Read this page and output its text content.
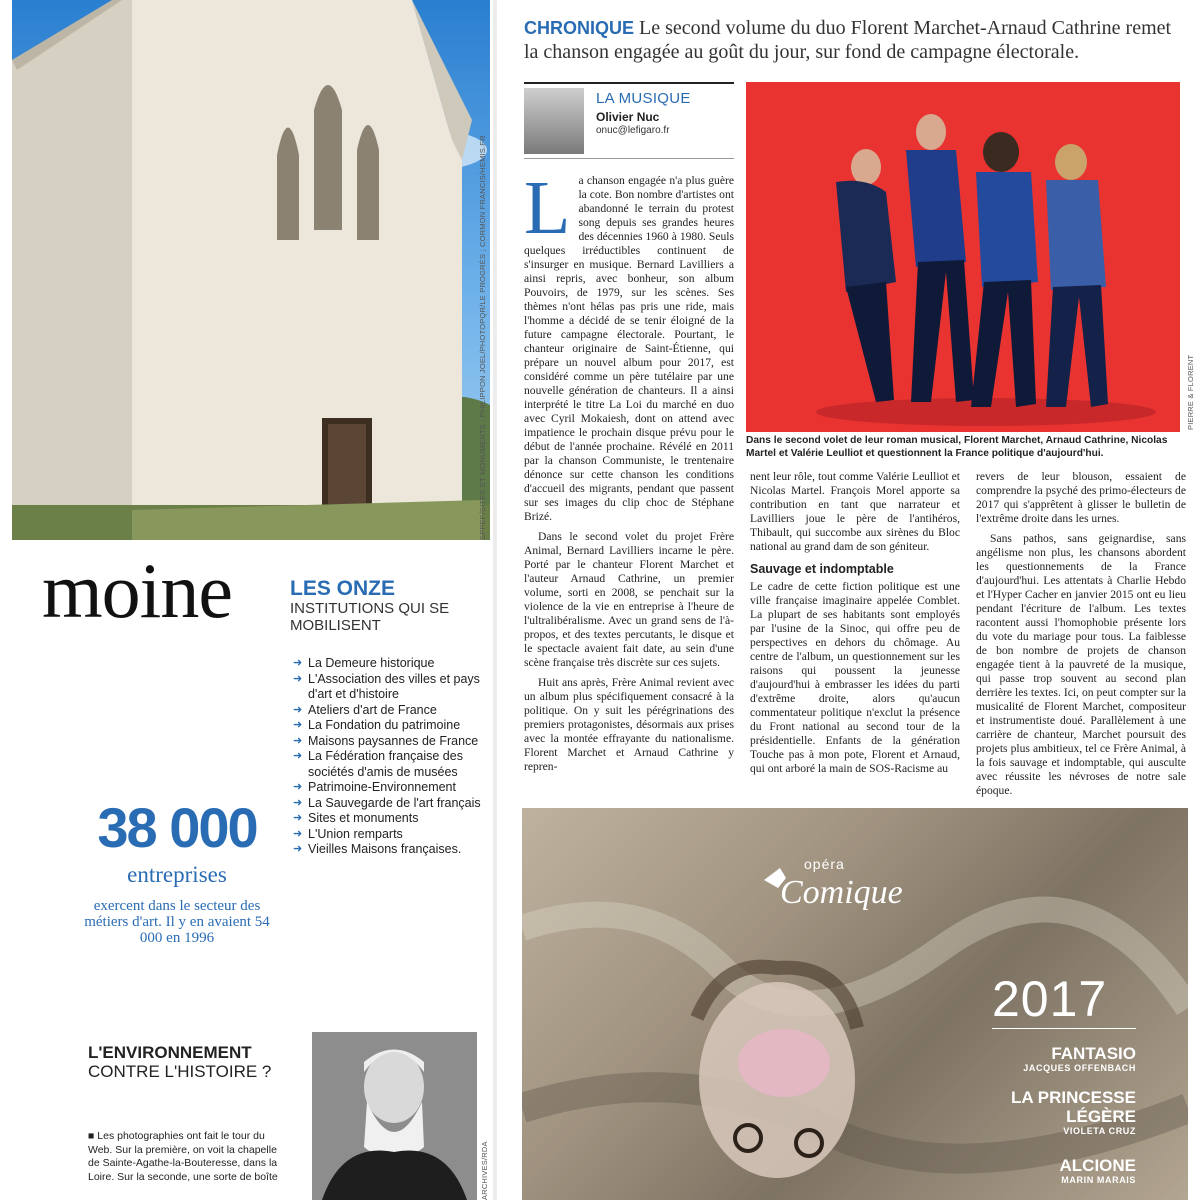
SPPEF/SITES ET MONUMENTS ; PHILIPPON JOEL/PHOTOPQR/LE PROGRÈS ; CORMON FRANCIS/HEMIS.FR
moine	LES ONZE
INSTITUTIONS QUI SE MOBILISENT
➜ La Demeure historique
➜ L'Association des villes et pays d'art et d'histoire
➜ Ateliers d'art de France
➜ La Fondation du patrimoine
➜ Maisons paysannes de France
➜ La Fédération française des sociétés d'amis de musées
➜ Patrimoine-Environnement
➜ La Sauvegarde de l'art français
➜ Sites et monuments
➜ L'Union remparts
➜ Vieilles Maisons françaises.
38 000
entreprises
exercent dans le secteur des métiers d'art. Il y en avaient 54 000 en 1996
L'ENVIRONNEMENT
CONTRE L'HISTOIRE ?
■ Les photographies ont fait le tour du Web. Sur la première, on voit la chapelle de Sainte-Agathe-la-Bouteresse, dans la Loire. Sur la seconde, une sorte de boîte	ARCHIVES/RDA
CHRONIQUE Le second volume du duo Florent Marchet-Arnaud Cathrine remet la chanson engagée au goût du jour, sur fond de campagne électorale.
LA MUSIQUE
Olivier Nuc
onuc@lefigaro.fr

La chanson engagée n'a plus guère la cote. Bon nombre d'artistes ont abandonné le terrain du protest song depuis ses grandes heures des décennies 1960 à 1980. Seuls quelques irréductibles continuent de s'insurger en musique. Bernard Lavilliers a ainsi repris, avec bonheur, son album Pouvoirs, de 1979, sur les scènes. Ses thèmes n'ont hélas pas pris une ride, mais l'homme a décidé de se tenir éloigné de la future campagne électorale. Pourtant, le chanteur originaire de Saint-Étienne, qui prépare un nouvel album pour 2017, est considéré comme un père tutélaire par une nouvelle génération de chanteurs. Il a ainsi interprété le titre La Loi du marché en duo avec Cyril Mokaiesh, dont on attend avec impatience le prochain disque prévu pour le début de l'année prochaine. Révélé en 2011 par la chanson Communiste, le trentenaire dénonce sur cette chanson les conditions d'accueil des migrants, pendant que passent sur ses images du clip choc de Stéphane Brizé.

Dans le second volet du projet Frère Animal, Bernard Lavilliers incarne le père. Porté par le chanteur Florent Marchet et l'auteur Arnaud Cathrine, un premier volume, sorti en 2008, se penchait sur la violence de la vie en entreprise à l'heure de l'ultralibéralisme. Avec un grand sens de l'à-propos, et des textes percutants, le disque et le spectacle avaient fait date, au sein d'une scène française très discrète sur ces sujets.

Huit ans après, Frère Animal revient avec un album plus spécifiquement consacré à la politique. On y suit les pérégrinations des premiers protagonistes, désormais aux prises avec la montée effrayante du nationalisme. Florent Marchet et Arnaud Cathrine y repren-

PIERRE & FLORENT
Dans le second volet de leur roman musical, Florent Marchet, Arnaud Cathrine, Nicolas Martel et Valérie Leulliot et questionnent la France politique d'aujourd'hui.

nent leur rôle, tout comme Valérie Leulliot et Nicolas Martel. François Morel apporte sa contribution en tant que narrateur et Lavilliers joue le père de l'antihéros, Thibault, qui succombe aux sirènes du Bloc national au grand dam de son géniteur.

Sauvage et indomptable

Le cadre de cette fiction politique est une ville française imaginaire appelée Comblet. La plupart de ses habitants sont employés par l'usine de la Sinoc, qui offre peu de perspectives en dehors du chômage. Au centre de l'album, un questionnement sur les raisons qui poussent la jeunesse d'aujourd'hui à embrasser les idées du parti d'extrême droite, alors qu'aucun commentateur politique n'exclut la présence du Front national au second tour de la présidentielle. Enfants de la génération Touche pas à mon pote, Florent et Arnaud, qui ont arboré la main de SOS-Racisme au

revers de leur blouson, essaient de comprendre la psyché des primo-électeurs de 2017 qui s'apprêtent à glisser le bulletin de l'extrême droite dans les urnes.

Sans pathos, sans geignardise, sans angélisme non plus, les chansons abordent les questionnements de la France d'aujourd'hui. Les attentats à Charlie Hebdo et l'Hyper Cacher en janvier 2015 ont eu lieu pendant l'écriture de l'album. Les textes racontent aussi l'homophobie présente lors du vote du mariage pour tous. La faiblesse de bon nombre de projets de chanson engagée tient à la pauvreté de la musique, qui passe trop souvent au second plan derrière les textes. Ici, on peut compter sur la musicalité de Florent Marchet, compositeur et instrumentiste doué. Parallèlement à une carrière de chanteur, Marchet poursuit des projets plus ambitieux, tel ce Frère Animal, à la fois sauvage et indomptable, qui ausculte avec réussite les névroses de notre sale époque.

opéra
Comique
2017
FANTASIO
JACQUES OFFENBACH
LA PRINCESSE LÉGÈRE
VIOLETA CRUZ
ALCIONE
MARIN MARAIS
